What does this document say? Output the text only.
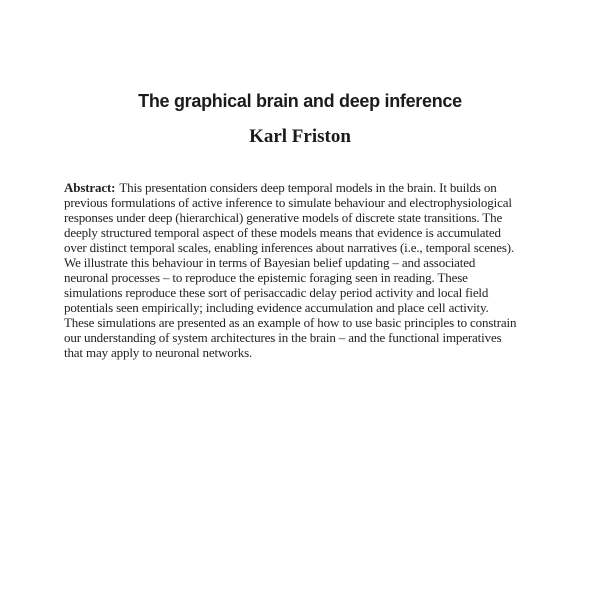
The graphical brain and deep inference
Karl Friston
Abstract: This presentation considers deep temporal models in the brain. It builds on
previous formulations of active inference to simulate behaviour and electrophysiological
responses under deep (hierarchical) generative models of discrete state transitions. The
deeply structured temporal aspect of these models means that evidence is accumulated
over distinct temporal scales, enabling inferences about narratives (i.e., temporal scenes).
We illustrate this behaviour in terms of Bayesian belief updating – and associated
neuronal processes – to reproduce the epistemic foraging seen in reading. These
simulations reproduce these sort of perisaccadic delay period activity and local field
potentials seen empirically; including evidence accumulation and place cell activity.
These simulations are presented as an example of how to use basic principles to constrain
our understanding of system architectures in the brain – and the functional imperatives
that may apply to neuronal networks.
